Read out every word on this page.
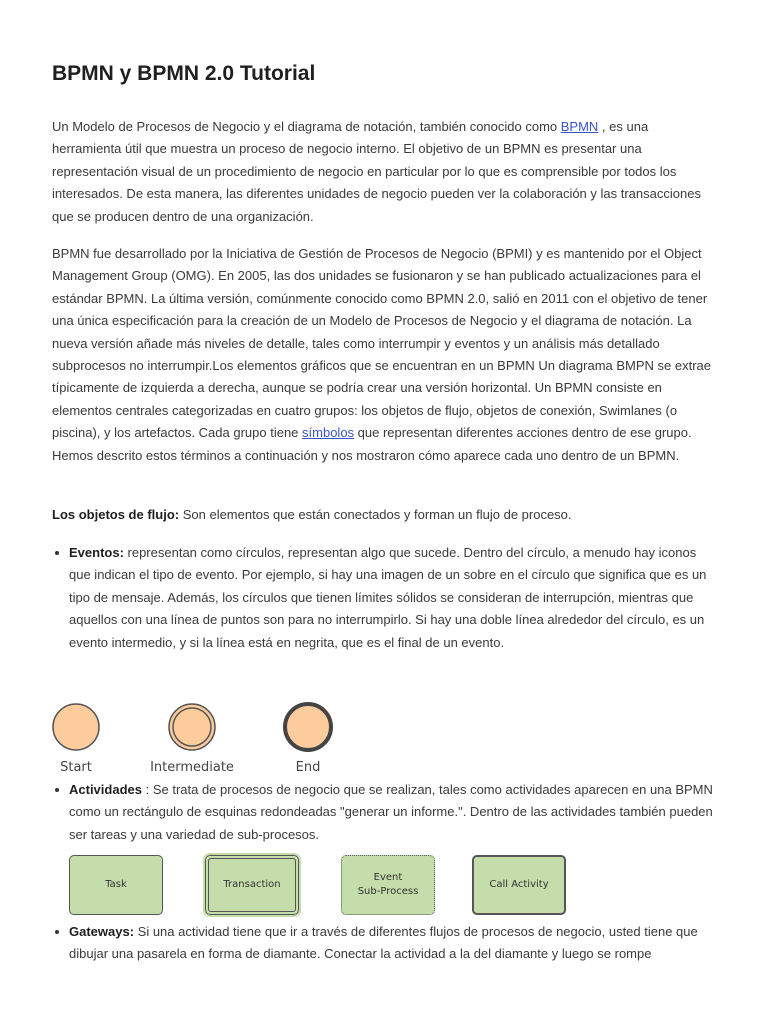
BPMN y BPMN 2.0 Tutorial

Un Modelo de Procesos de Negocio y el diagrama de notación, también conocido como BPMN , es una herramienta útil que muestra un proceso de negocio interno. El objetivo de un BPMN es presentar una representación visual de un procedimiento de negocio en particular por lo que es comprensible por todos los interesados. De esta manera, las diferentes unidades de negocio pueden ver la colaboración y las transacciones que se producen dentro de una organización.

BPMN fue desarrollado por la Iniciativa de Gestión de Procesos de Negocio (BPMI) y es mantenido por el Object Management Group (OMG). En 2005, las dos unidades se fusionaron y se han publicado actualizaciones para el estándar BPMN. La última versión, comúnmente conocido como BPMN 2.0, salió en 2011 con el objetivo de tener una única especificación para la creación de un Modelo de Procesos de Negocio y el diagrama de notación. La nueva versión añade más niveles de detalle, tales como interrumpir y eventos y un análisis más detallado subprocesos no interrumpir.Los elementos gráficos que se encuentran en un BPMN Un diagrama BMPN se extrae típicamente de izquierda a derecha, aunque se podría crear una versión horizontal. Un BPMN consiste en elementos centrales categorizadas en cuatro grupos: los objetos de flujo, objetos de conexión, Swimlanes (o piscina), y los artefactos. Cada grupo tiene símbolos que representan diferentes acciones dentro de ese grupo. Hemos descrito estos términos a continuación y nos mostraron cómo aparece cada uno dentro de un BPMN.

Los objetos de flujo: Son elementos que están conectados y forman un flujo de proceso.

Eventos: representan como círculos, representan algo que sucede. Dentro del círculo, a menudo hay iconos que indican el tipo de evento. Por ejemplo, si hay una imagen de un sobre en el círculo que significa que es un tipo de mensaje. Además, los círculos que tienen límites sólidos se consideran de interrupción, mientras que aquellos con una línea de puntos son para no interrumpirlo. Si hay una doble línea alrededor del círculo, es un evento intermedio, y si la línea está en negrita, que es el final de un evento.
Start	Intermediate	End
Actividades : Se trata de procesos de negocio que se realizan, tales como actividades aparecen en una BPMN como un rectángulo de esquinas redondeadas "generar un informe.". Dentro de las actividades también pueden ser tareas y una variedad de sub-procesos.
Task	Transaction
Event
Sub-Process
Call Activity
Gateways: Si una actividad tiene que ir a través de diferentes flujos de procesos de negocio, usted tiene que dibujar una pasarela en forma de diamante. Conectar la actividad a la del diamante y luego se rompe
